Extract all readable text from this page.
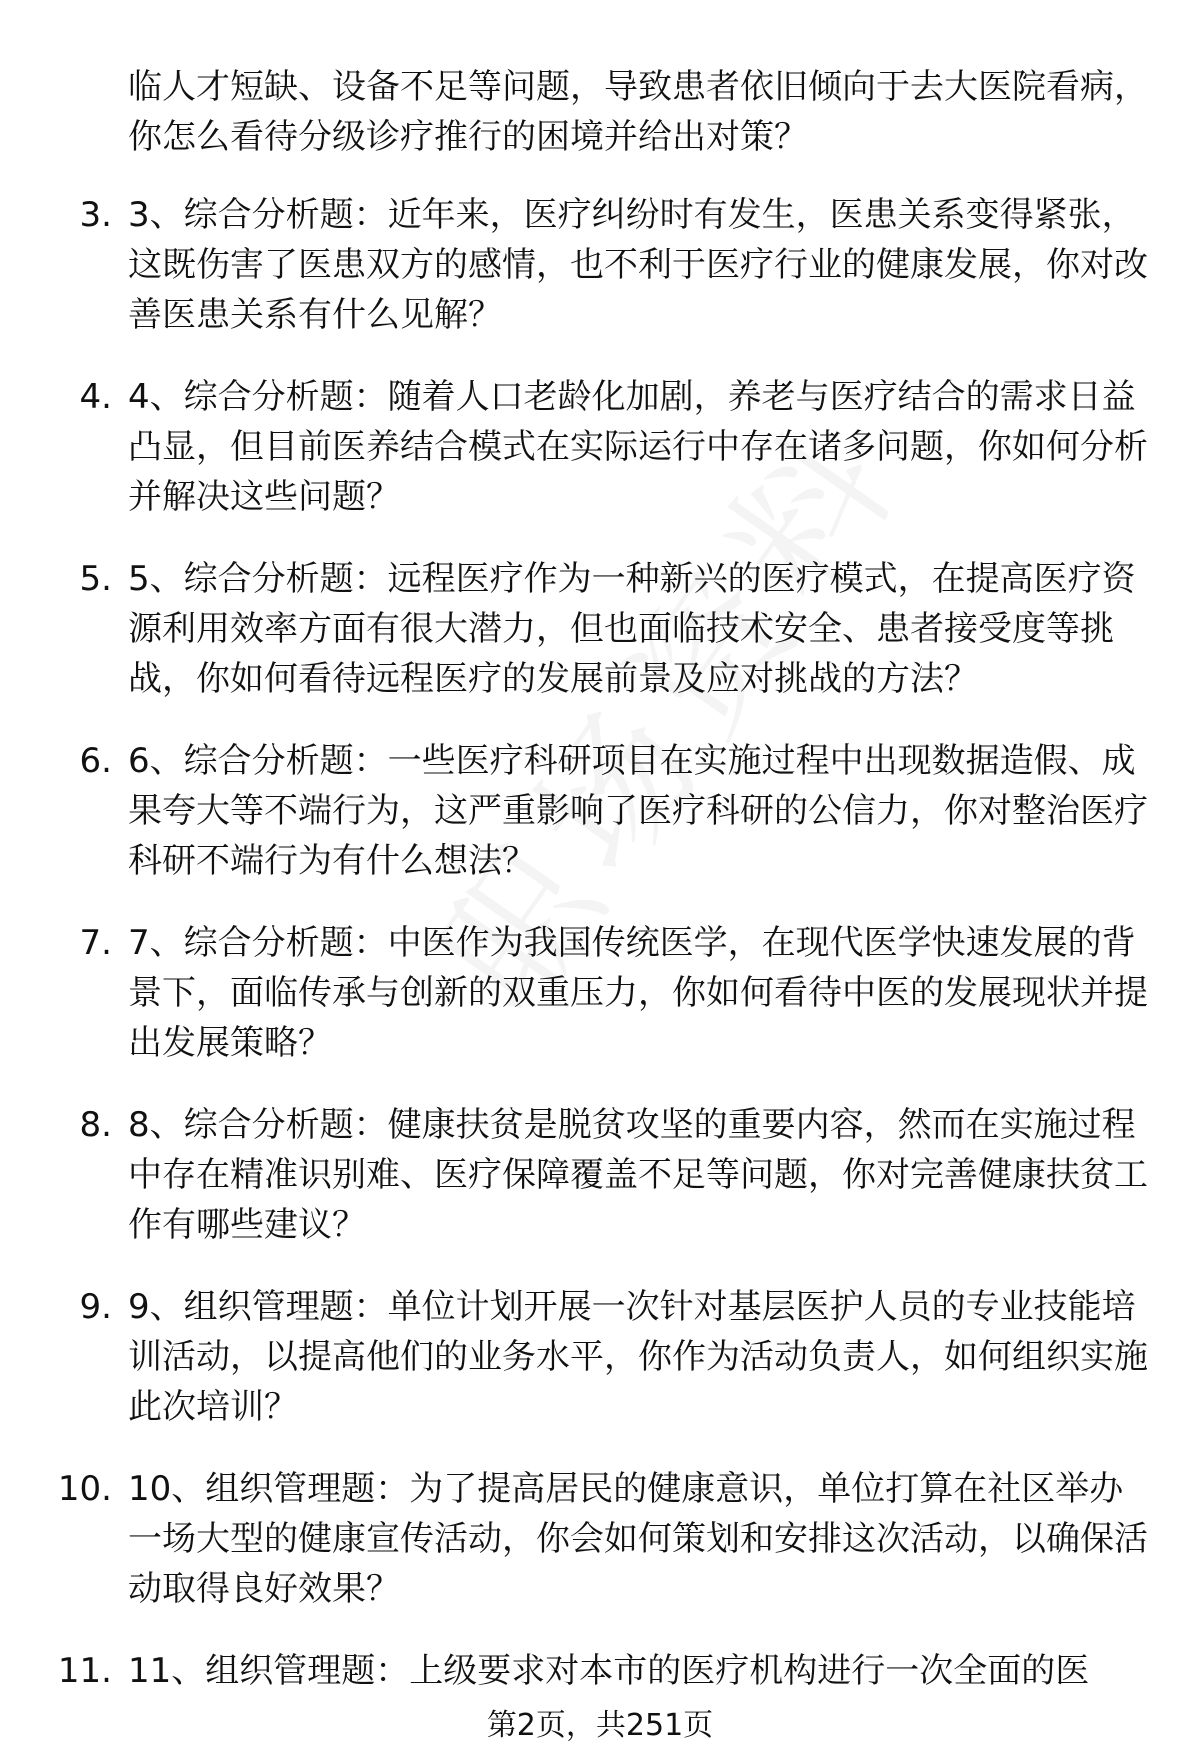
临人才短缺、设备不足等问题，导致患者依旧倾向于去大医院看病，你怎么看待分级诊疗推行的困境并给出对策？

3. 3、综合分析题：近年来，医疗纠纷时有发生，医患关系变得紧张，这既伤害了医患双方的感情，也不利于医疗行业的健康发展，你对改善医患关系有什么见解？
4. 4、综合分析题：随着人口老龄化加剧，养老与医疗结合的需求日益凸显，但目前医养结合模式在实际运行中存在诸多问题，你如何分析并解决这些问题？
5. 5、综合分析题：远程医疗作为一种新兴的医疗模式，在提高医疗资源利用效率方面有很大潜力，但也面临技术安全、患者接受度等挑战，你如何看待远程医疗的发展前景及应对挑战的方法？
6. 6、综合分析题：一些医疗科研项目在实施过程中出现数据造假、成果夸大等不端行为，这严重影响了医疗科研的公信力，你对整治医疗科研不端行为有什么想法？
7. 7、综合分析题：中医作为我国传统医学，在现代医学快速发展的背景下，面临传承与创新的双重压力，你如何看待中医的发展现状并提出发展策略？
8. 8、综合分析题：健康扶贫是脱贫攻坚的重要内容，然而在实施过程中存在精准识别难、医疗保障覆盖不足等问题，你对完善健康扶贫工作有哪些建议？
9. 9、组织管理题：单位计划开展一次针对基层医护人员的专业技能培训活动，以提高他们的业务水平，你作为活动负责人，如何组织实施此次培训？
10. 10、组织管理题：为了提高居民的健康意识，单位打算在社区举办一场大型的健康宣传活动，你会如何策划和安排这次活动，以确保活动取得良好效果？
11. 11、组织管理题：上级要求对本市的医疗机构进行一次全面的医
第2页，共251页
